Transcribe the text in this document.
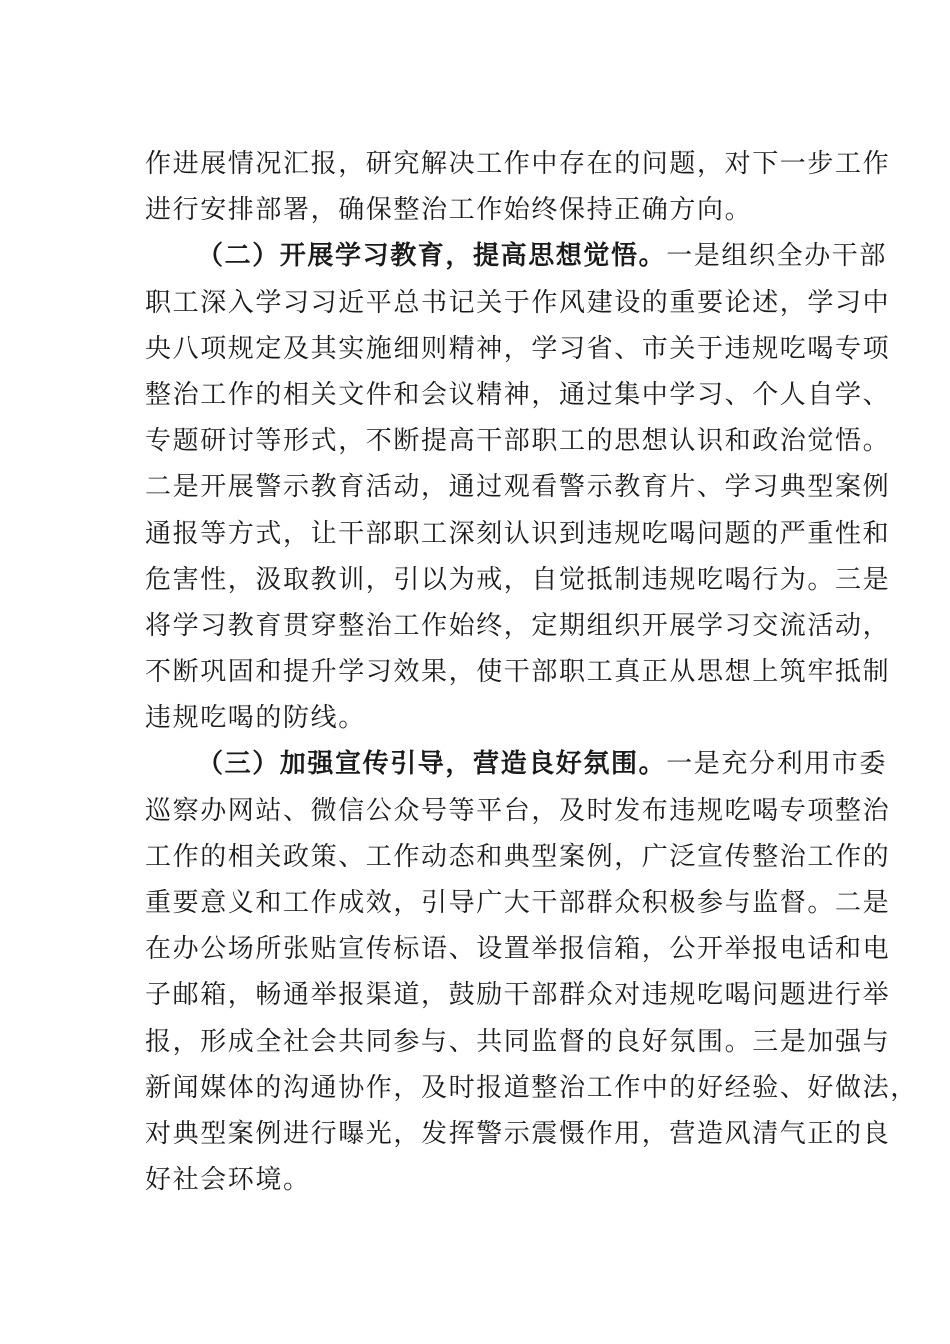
作进展情况汇报，研究解决工作中存在的问题，对下一步工作
进行安排部署，确保整治工作始终保持正确方向。
（二）开展学习教育，提高思想觉悟。一是组织全办干部
职工深入学习习近平总书记关于作风建设的重要论述，学习中
央八项规定及其实施细则精神，学习省、市关于违规吃喝专项
整治工作的相关文件和会议精神，通过集中学习、个人自学、
专题研讨等形式，不断提高干部职工的思想认识和政治觉悟。
二是开展警示教育活动，通过观看警示教育片、学习典型案例
通报等方式，让干部职工深刻认识到违规吃喝问题的严重性和
危害性，汲取教训，引以为戒，自觉抵制违规吃喝行为。三是
将学习教育贯穿整治工作始终，定期组织开展学习交流活动，
不断巩固和提升学习效果，使干部职工真正从思想上筑牢抵制
违规吃喝的防线。
（三）加强宣传引导，营造良好氛围。一是充分利用市委
巡察办网站、微信公众号等平台，及时发布违规吃喝专项整治
工作的相关政策、工作动态和典型案例，广泛宣传整治工作的
重要意义和工作成效，引导广大干部群众积极参与监督。二是
在办公场所张贴宣传标语、设置举报信箱，公开举报电话和电
子邮箱，畅通举报渠道，鼓励干部群众对违规吃喝问题进行举
报，形成全社会共同参与、共同监督的良好氛围。三是加强与
新闻媒体的沟通协作，及时报道整治工作中的好经验、好做法，
对典型案例进行曝光，发挥警示震慑作用，营造风清气正的良
好社会环境。
